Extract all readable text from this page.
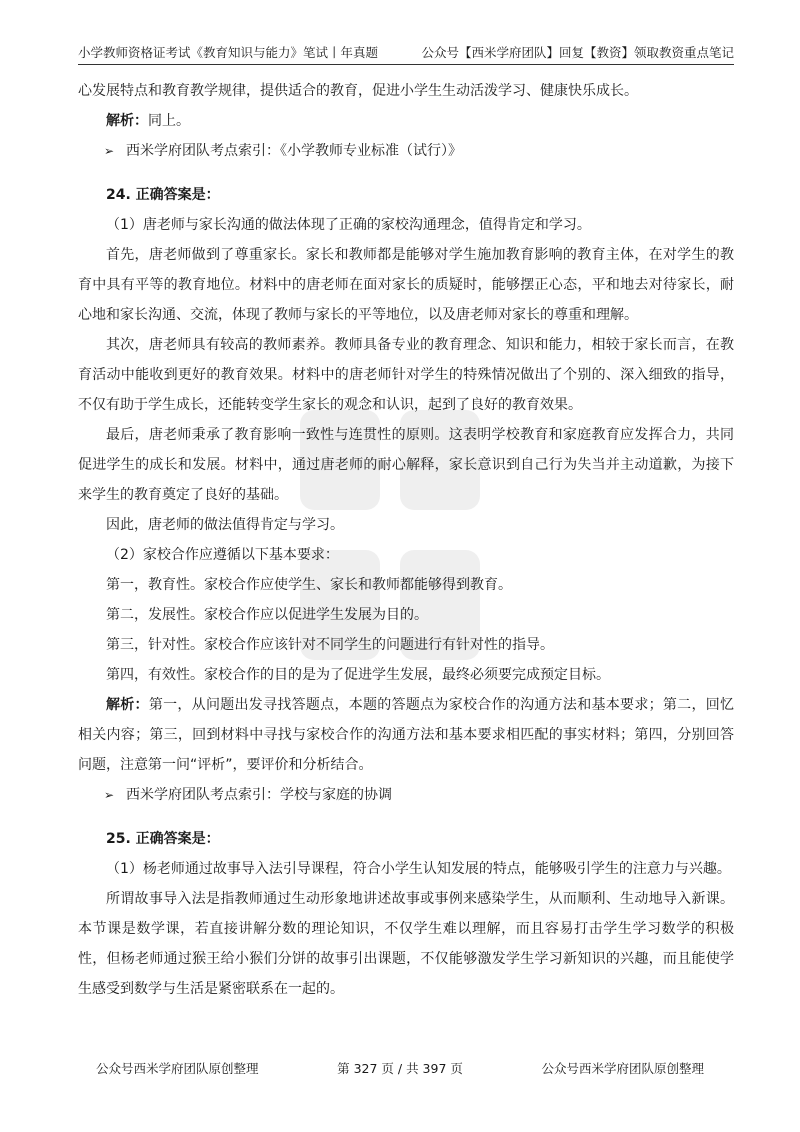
小学教师资格证考试《教育知识与能力》笔试丨年真题	公众号【西米学府团队】回复【教资】领取教资重点笔记

心发展特点和教育教学规律，提供适合的教育，促进小学生生动活泼学习、健康快乐成长。

解析：同上。

➢ 西米学府团队考点索引：《小学教师专业标准（试行）》

24. 正确答案是：

（1）唐老师与家长沟通的做法体现了正确的家校沟通理念，值得肯定和学习。

首先，唐老师做到了尊重家长。家长和教师都是能够对学生施加教育影响的教育主体，在对学生的教育中具有平等的教育地位。材料中的唐老师在面对家长的质疑时，能够摆正心态，平和地去对待家长，耐心地和家长沟通、交流，体现了教师与家长的平等地位，以及唐老师对家长的尊重和理解。

其次，唐老师具有较高的教师素养。教师具备专业的教育理念、知识和能力，相较于家长而言，在教育活动中能收到更好的教育效果。材料中的唐老师针对学生的特殊情况做出了个别的、深入细致的指导，不仅有助于学生成长，还能转变学生家长的观念和认识，起到了良好的教育效果。

最后，唐老师秉承了教育影响一致性与连贯性的原则。这表明学校教育和家庭教育应发挥合力，共同促进学生的成长和发展。材料中，通过唐老师的耐心解释，家长意识到自己行为失当并主动道歉，为接下来学生的教育奠定了良好的基础。

因此，唐老师的做法值得肯定与学习。

（2）家校合作应遵循以下基本要求：

第一，教育性。家校合作应使学生、家长和教师都能够得到教育。

第二，发展性。家校合作应以促进学生发展为目的。

第三，针对性。家校合作应该针对不同学生的问题进行有针对性的指导。

第四，有效性。家校合作的目的是为了促进学生发展，最终必须要完成预定目标。

解析：第一，从问题出发寻找答题点，本题的答题点为家校合作的沟通方法和基本要求；第二，回忆相关内容；第三，回到材料中寻找与家校合作的沟通方法和基本要求相匹配的事实材料；第四，分别回答问题，注意第一问“评析”，要评价和分析结合。

➢ 西米学府团队考点索引：学校与家庭的协调

25. 正确答案是：

（1）杨老师通过故事导入法引导课程，符合小学生认知发展的特点，能够吸引学生的注意力与兴趣。

所谓故事导入法是指教师通过生动形象地讲述故事或事例来感染学生，从而顺利、生动地导入新课。本节课是数学课，若直接讲解分数的理论知识，不仅学生难以理解，而且容易打击学生学习数学的积极性，但杨老师通过猴王给小猴们分饼的故事引出课题，不仅能够激发学生学习新知识的兴趣，而且能使学生感受到数学与生活是紧密联系在一起的。

公众号西米学府团队原创整理	第 327 页 / 共 397 页	公众号西米学府团队原创整理
